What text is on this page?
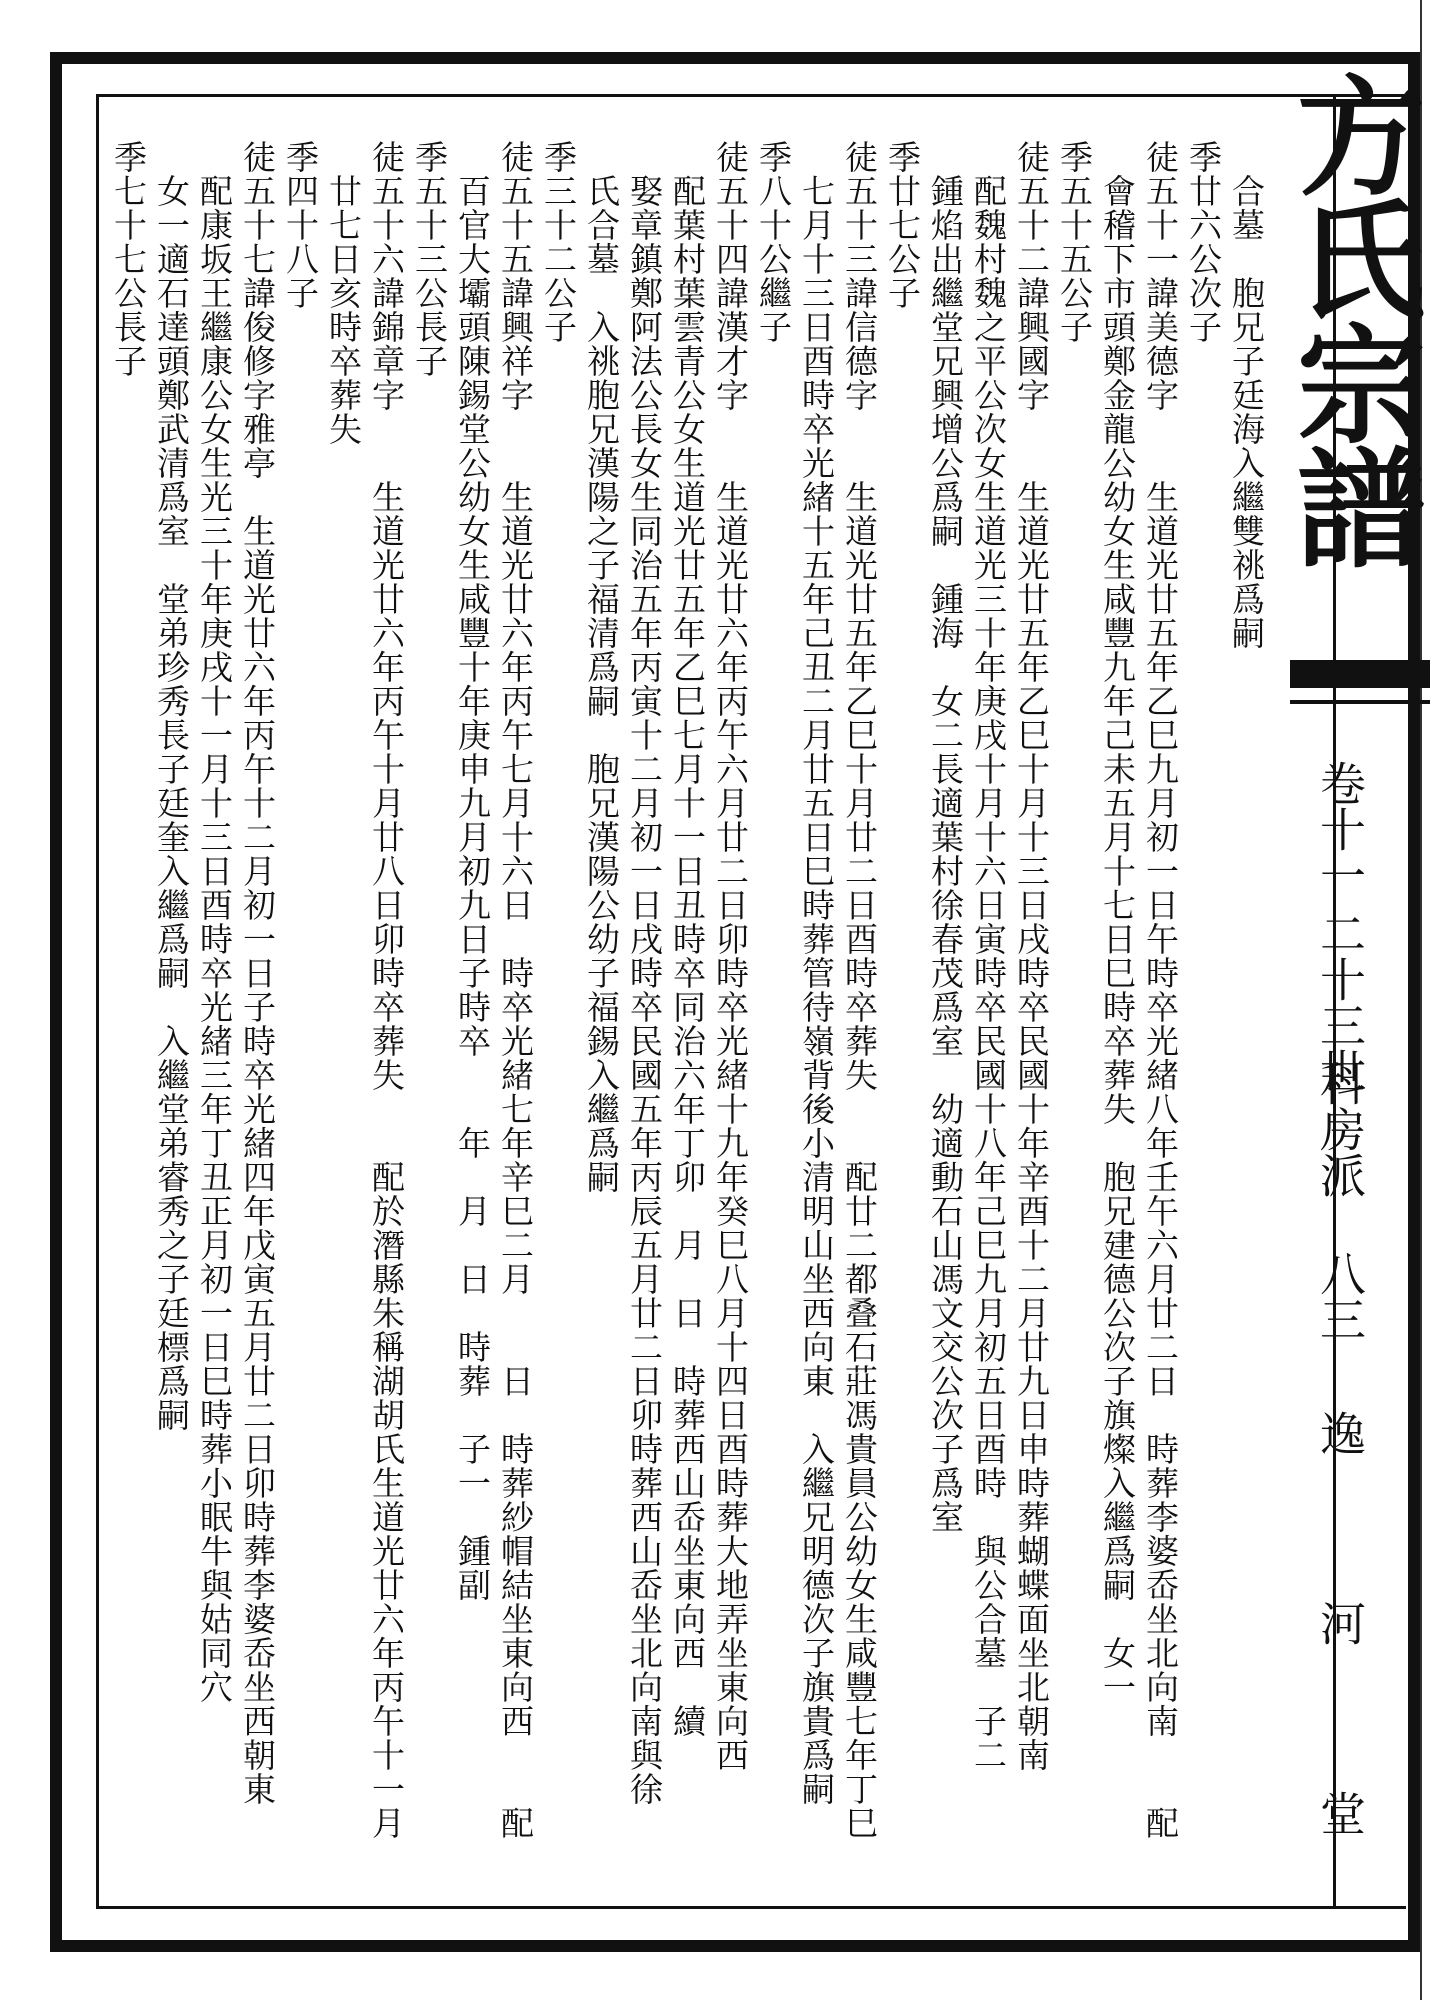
方氏宗譜
卷十一
二十三世
科房派
八三
逸
河
堂
　合墓　胞兄子廷海入繼雙祧爲嗣
季廿六公次子
徒五十一諱美德字　　生道光廿五年乙巳九月初一日午時卒光緒八年壬午六月廿二日　時葬李婆岙坐北向南　　配
　會稽下市頭鄭金龍公幼女生咸豐九年己未五月十七日巳時卒葬失　胞兄建德公次子旗燦入繼爲嗣　女一
季五十五公子
徒五十二諱興國字　　生道光廿五年乙巳十月十三日戌時卒民國十年辛酉十二月廿九日申時葬蝴蝶面坐北朝南
　配魏村魏之平公次女生道光三十年庚戌十月十六日寅時卒民國十八年己巳九月初五日酉時　與公合墓　子二
　鍾焰出繼堂兄興增公爲嗣　鍾海　女二長適葉村徐春茂爲室　幼適動石山馮文交公次子爲室
季廿七公子
徒五十三諱信德字　　生道光廿五年乙巳十月廿二日酉時卒葬失　　配廿二都叠石莊馮貴員公幼女生咸豐七年丁巳
　七月十三日酉時卒光緒十五年己丑二月廿五日巳時葬管待嶺背後小清明山坐西向東　入繼兄明德次子旗貴爲嗣
季八十公繼子
徒五十四諱漢才字　　生道光廿六年丙午六月廿二日卯時卒光緒十九年癸巳八月十四日酉時葬大地弄坐東向西
　配葉村葉雲青公女生道光廿五年乙巳七月十一日丑時卒同治六年丁卯　月　日　時葬西山岙坐東向西　續
　娶章鎮鄭阿法公長女生同治五年丙寅十二月初一日戌時卒民國五年丙辰五月廿二日卯時葬西山岙坐北向南與徐
　氏合墓　入祧胞兄漢陽之子福清爲嗣　胞兄漢陽公幼子福錫入繼爲嗣
季三十二公子
徒五十五諱興祥字　　生道光廿六年丙午七月十六日　時卒光緒七年辛巳二月　　日　時葬紗帽結坐東向西　　配
　百官大壩頭陳錫堂公幼女生咸豐十年庚申九月初九日子時卒　　年　月　日　時葬　子一　鍾副
季五十三公長子
徒五十六諱錦章字　　生道光廿六年丙午十月廿八日卯時卒葬失　　配於潛縣朱稱湖胡氏生道光廿六年丙午十一月
　廿七日亥時卒葬失
季四十八子
徒五十七諱俊修字雅亭　生道光廿六年丙午十二月初一日子時卒光緒四年戊寅五月廿二日卯時葬李婆岙坐西朝東
　配康坂王繼康公女生光三十年庚戌十一月十三日酉時卒光緒三年丁丑正月初一日巳時葬小眠牛與姑同穴
　女一適石達頭鄭武清爲室　堂弟珍秀長子廷奎入繼爲嗣　入繼堂弟睿秀之子廷標爲嗣
季七十七公長子
